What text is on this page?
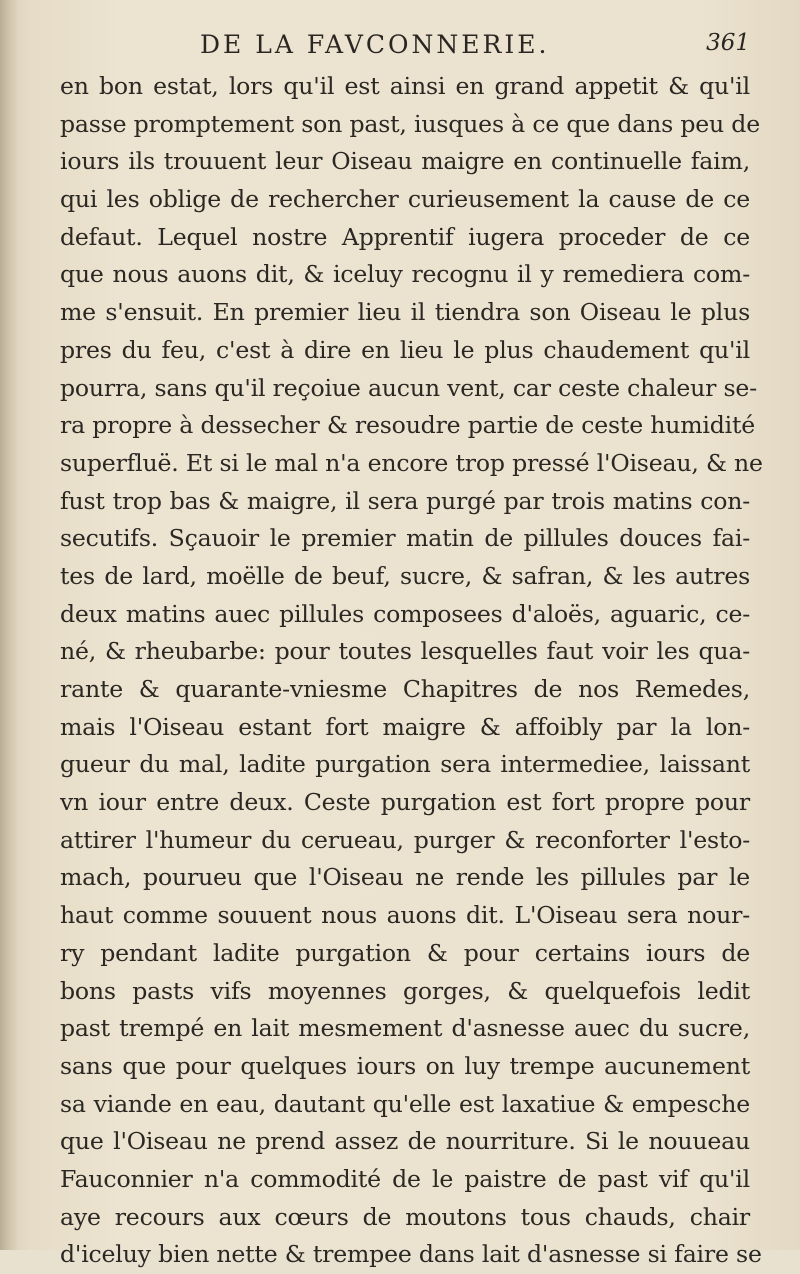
DE LA FAVCONNERIE.	361
en bon estat, lors qu'il est ainsi en grand appetit & qu'il
passe promptement son past, iusques à ce que dans peu de
iours ils trouuent leur Oiseau maigre en continuelle faim,
qui les oblige de rechercher curieusement la cause de ce
defaut. Lequel nostre Apprentif iugera proceder de ce
que nous auons dit, & iceluy recognu il y remediera com-
me s'ensuit. En premier lieu il tiendra son Oiseau le plus
pres du feu, c'est à dire en lieu le plus chaudement qu'il
pourra, sans qu'il reçoiue aucun vent, car ceste chaleur se-
ra propre à dessecher & resoudre partie de ceste humidité
superfluë. Et si le mal n'a encore trop pressé l'Oiseau, & ne
fust trop bas & maigre, il sera purgé par trois matins con-
secutifs. Sçauoir le premier matin de pillules douces fai-
tes de lard, moëlle de beuf, sucre, & safran, & les autres
deux matins auec pillules composees d'aloës, aguaric, ce-
né, & rheubarbe: pour toutes lesquelles faut voir les qua-
rante & quarante-vniesme Chapitres de nos Remedes,
mais l'Oiseau estant fort maigre & affoibly par la lon-
gueur du mal, ladite purgation sera intermediee, laissant
vn iour entre deux. Ceste purgation est fort propre pour
attirer l'humeur du cerueau, purger & reconforter l'esto-
mach, pourueu que l'Oiseau ne rende les pillules par le
haut comme souuent nous auons dit. L'Oiseau sera nour-
ry pendant ladite purgation & pour certains iours de
bons pasts vifs moyennes gorges, & quelquefois ledit
past trempé en lait mesmement d'asnesse auec du sucre,
sans que pour quelques iours on luy trempe aucunement
sa viande en eau, dautant qu'elle est laxatiue & empesche
que l'Oiseau ne prend assez de nourriture. Si le nouueau
Fauconnier n'a commodité de le paistre de past vif qu'il
aye recours aux cœurs de moutons tous chauds, chair
d'iceluy bien nette & trempee dans lait d'asnesse si faire se
